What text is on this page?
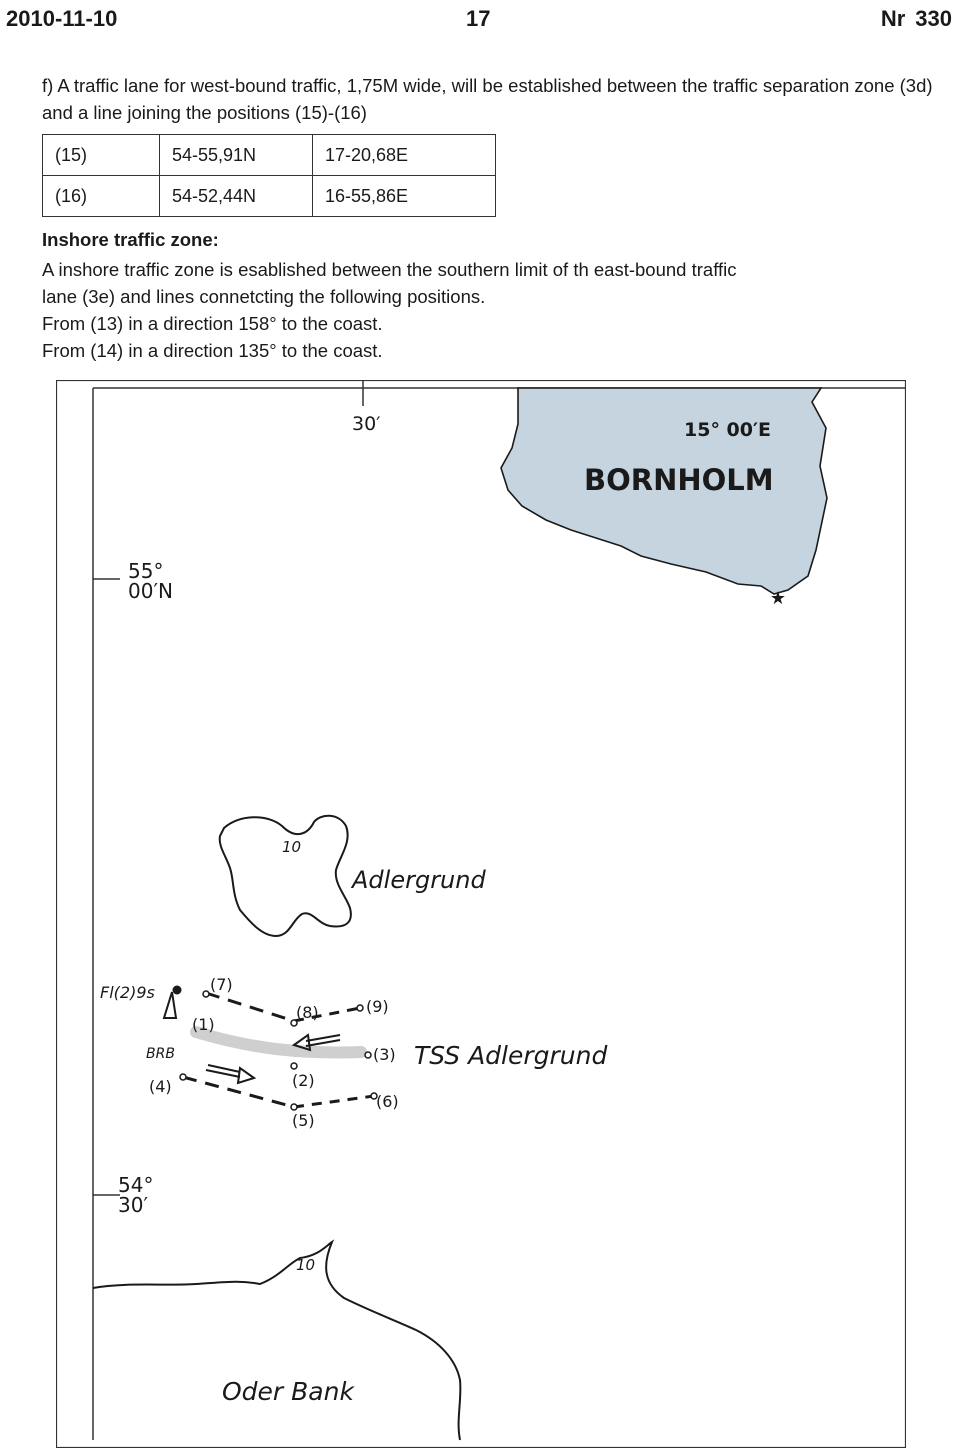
2010-11-10	17	Nr 330
f) A traffic lane for west-bound traffic, 1,75M wide, will be established between the traffic separation zone (3d) and a line joining the positions (15)-(16)
(15)	54-55,91N	17-20,68E
(16)	54-52,44N	16-55,86E
Inshore traffic zone:
A inshore traffic zone is esablished between the southern limit of th east-bound traffic
lane (3e) and lines connetcting the following positions.
From (13) in a direction 158° to the coast.
From (14) in a direction 135° to the coast.
★
30′	15° 00′E
BORNHOLM
55°
00′N
10
Adlergrund
Fl(2)9s
BRB	TSS Adlergrund
54°
30′
10
Oder Bank
(7)
(1)
(8)	(9)
(3)
(4)	(2)
(5)
(6)
